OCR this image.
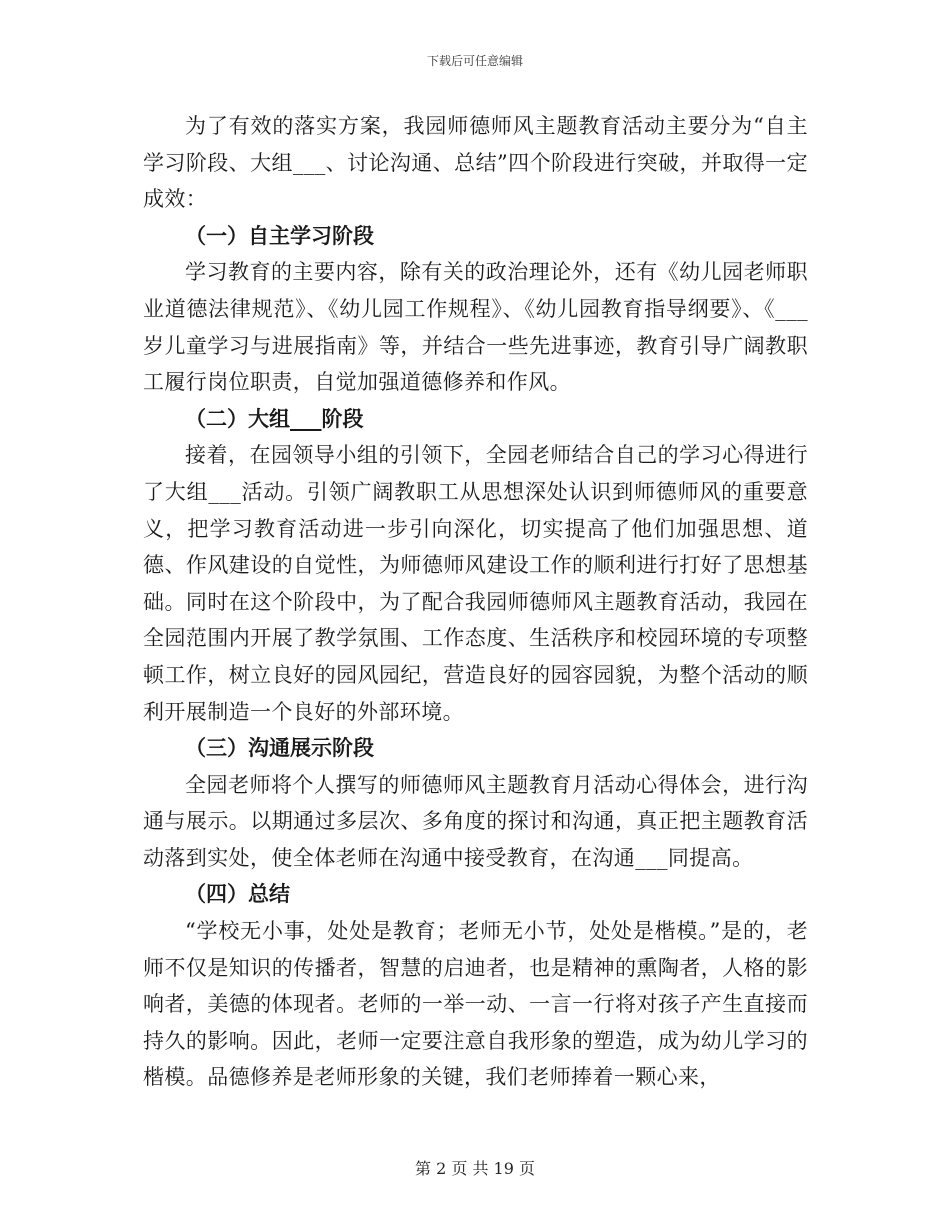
下载后可任意编辑

为了有效的落实方案，我园师德师风主题教育活动主要分为“自主学习阶段、大组___、讨论沟通、总结”四个阶段进行突破，并取得一定成效：

（一）自主学习阶段

学习教育的主要内容，除有关的政治理论外，还有《幼儿园老师职业道德法律规范》、《幼儿园工作规程》、《幼儿园教育指导纲要》、《___岁儿童学习与进展指南》等，并结合一些先进事迹，教育引导广阔教职工履行岗位职责，自觉加强道德修养和作风。

（二）大组___阶段

接着，在园领导小组的引领下，全园老师结合自己的学习心得进行了大组___活动。引领广阔教职工从思想深处认识到师德师风的重要意义，把学习教育活动进一步引向深化，切实提高了他们加强思想、道德、作风建设的自觉性，为师德师风建设工作的顺利进行打好了思想基础。同时在这个阶段中，为了配合我园师德师风主题教育活动，我园在全园范围内开展了教学氛围、工作态度、生活秩序和校园环境的专项整顿工作，树立良好的园风园纪，营造良好的园容园貌，为整个活动的顺利开展制造一个良好的外部环境。

（三）沟通展示阶段

全园老师将个人撰写的师德师风主题教育月活动心得体会，进行沟通与展示。以期通过多层次、多角度的探讨和沟通，真正把主题教育活动落到实处，使全体老师在沟通中接受教育，在沟通___同提高。

（四）总结

“学校无小事，处处是教育；老师无小节，处处是楷模。”是的，老师不仅是知识的传播者，智慧的启迪者，也是精神的熏陶者，人格的影响者，美德的体现者。老师的一举一动、一言一行将对孩子产生直接而持久的影响。因此，老师一定要注意自我形象的塑造，成为幼儿学习的楷模。品德修养是老师形象的关键，我们老师捧着一颗心来，

第 2 页 共 19 页
